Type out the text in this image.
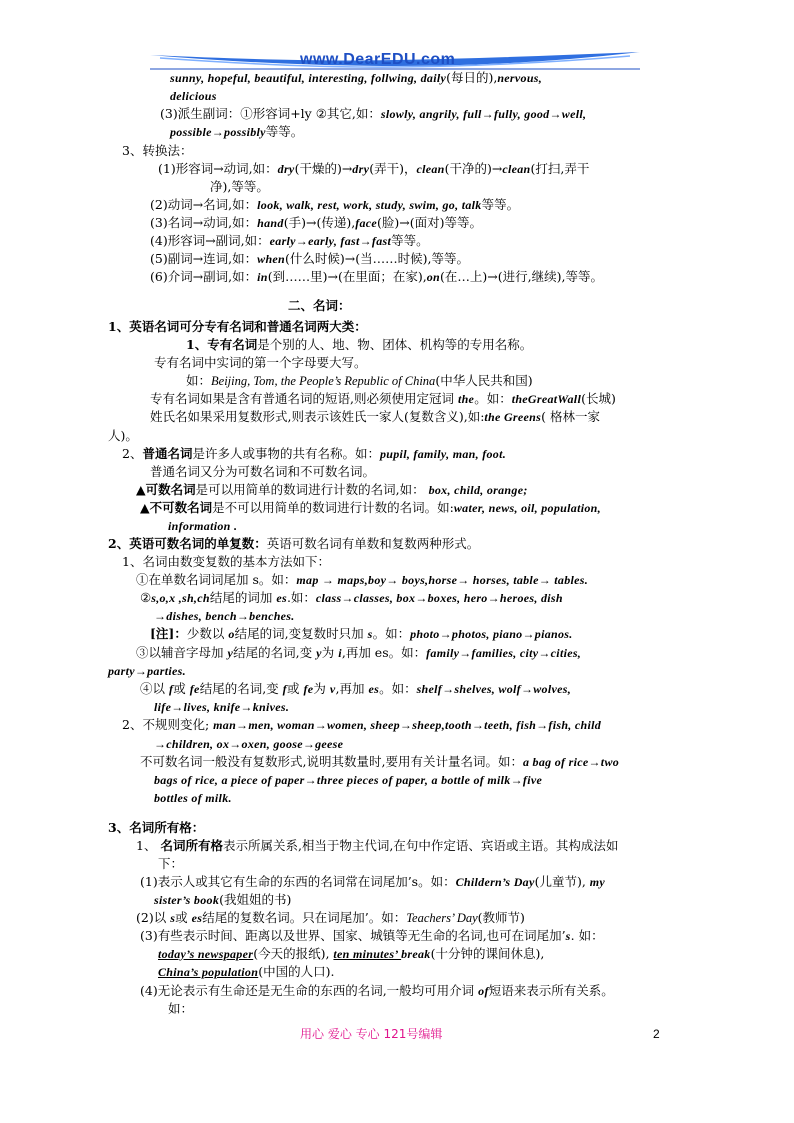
www.DearEDU.com
sunny, hopeful, beautiful, interesting, follwing, daily(每日的),nervous,
delicious
(3)派生副词：①形容词+ly ②其它,如：slowly, angrily, full→fully, good→well,
possible→possibly等等。
3、转换法：
(1)形容词→动词,如：dry(干燥的)→dry(弄干)，clean(干净的)→clean(打扫,弄干
净),等等。
(2)动词→名词,如：look, walk, rest, work, study, swim, go, talk等等。
(3)名词→动词,如：hand(手)→(传递),face(脸)→(面对)等等。
(4)形容词→副词,如：early→early, fast→fast等等。
(5)副词→连词,如：when(什么时候)→(当……时候),等等。
(6)介词→副词,如：in(到……里)→(在里面；在家),on(在…上)→(进行,继续),等等。
二、名词：
1、英语名词可分专有名词和普通名词两大类：
1、专有名词是个别的人、地、物、团体、机构等的专用名称。
专有名词中实词的第一个字母要大写。
如：Beijing, Tom, the People’s Republic of China(中华人民共和国)
专有名词如果是含有普通名词的短语,则必须使用定冠词 the。如：theGreatWall(长城)
姓氏名如果采用复数形式,则表示该姓氏一家人(复数含义),如:the Greens( 格林一家
人)。
2、普通名词是许多人或事物的共有名称。如：pupil, family, man, foot.
普通名词又分为可数名词和不可数名词。
▲可数名词是可以用简单的数词进行计数的名词,如： box, child, orange;
▲不可数名词是不可以用简单的数词进行计数的名词。如:water, news, oil, population,
information .
2、英语可数名词的单复数：英语可数名词有单数和复数两种形式。
1、名词由数变复数的基本方法如下：
①在单数名词词尾加 s。如：map → maps,boy→ boys,horse→ horses, table→ tables.
②s,o,x ,sh,ch结尾的词加 es.如：class→classes, box→boxes, hero→heroes, dish
→dishes, bench→benches.
[注]：少数以 o结尾的词,变复数时只加 s。如：photo→photos, piano→pianos.
③以辅音字母加 y结尾的名词,变 y为 i,再加 es。如：family→families, city→cities,
party→parties.
④以 f或 fe结尾的名词,变 f或 fe为 v,再加 es。如：shelf→shelves, wolf→wolves,
life→lives, knife→knives.
2、不规则变化; man→men, woman→women, sheep→sheep,tooth→teeth, fish→fish, child
→children, ox→oxen, goose→geese
不可数名词一般没有复数形式,说明其数量时,要用有关计量名词。如：a bag of rice→two
bags of rice, a piece of paper→three pieces of paper, a bottle of milk→five
bottles of milk.
3、名词所有格：
1、 名词所有格表示所属关系,相当于物主代词,在句中作定语、宾语或主语。其构成法如
下：
(1)表示人或其它有生命的东西的名词常在词尾加’s。如：Childern’s Day(儿童节), my
sister’s book(我姐姐的书)
(2)以 s或 es结尾的复数名词。只在词尾加’。如：Teachers’ Day(教师节)
(3)有些表示时间、距离以及世界、国家、城镇等无生命的名词,也可在词尾加’s. 如：
today’s newspaper(今天的报纸), ten minutes’ break(十分钟的课间休息),
China’s population(中国的人口).
(4)无论表示有生命还是无生命的东西的名词,一般均可用介词 of短语来表示所有关系。
如：
用心 爱心 专心 121号编辑	2
